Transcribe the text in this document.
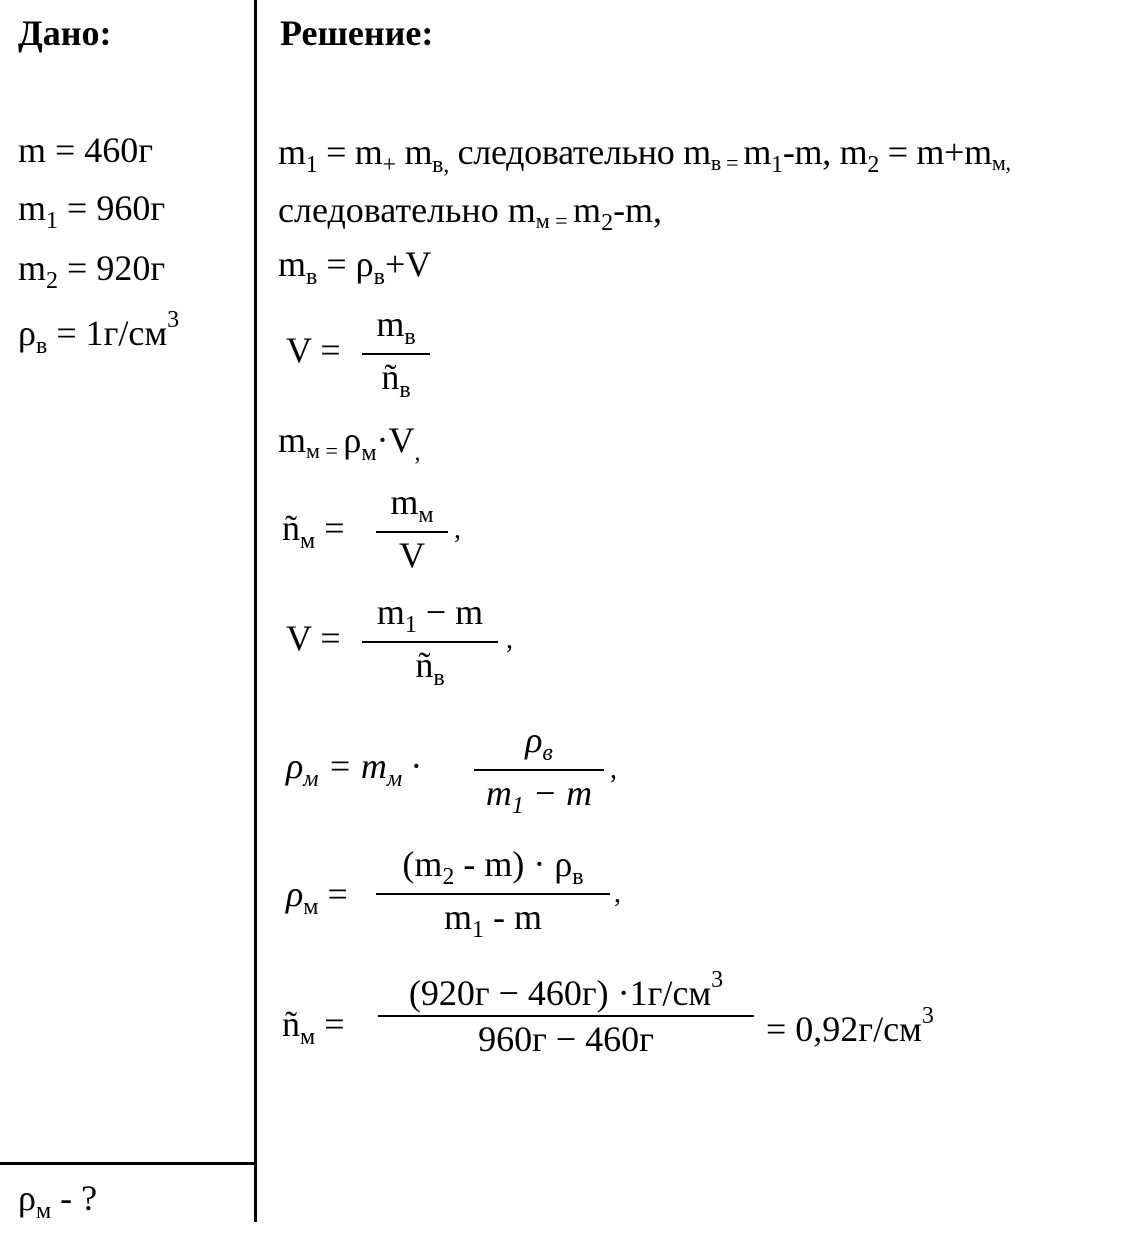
Дано:
m = 460г
$m_1 = 960г$
$m_2 = 920г$
$\rho_в = 1г/см^3$
$\rho_м$ - ?
Решение:
$m_1 = m_+$ $m_{в,}$ следовательно mв = $m_1-m$, $m_2 = m+mм$,
следовательно mм = $m_2-m$,
$m_в = \rho_в+V$
V =
$m_в$
$ñ_в$
mм = $\rho_м\cdot V_,$
$ñ_м$ =
$m_м$
V
,
V =
$m_1 - m$
$ñ_в$
,
$\rho_м = m_м$ ·
$\rho_в$
$m_1 - m$
,
$\rho_м$ =
$(m_2 - m) \cdot \rho_в$
$m_1$ - m
,
$ñ_м$ =
$(920г - 460г) \cdot 1г/см^3$
960г − 460г	= $0,92г/см^3$
